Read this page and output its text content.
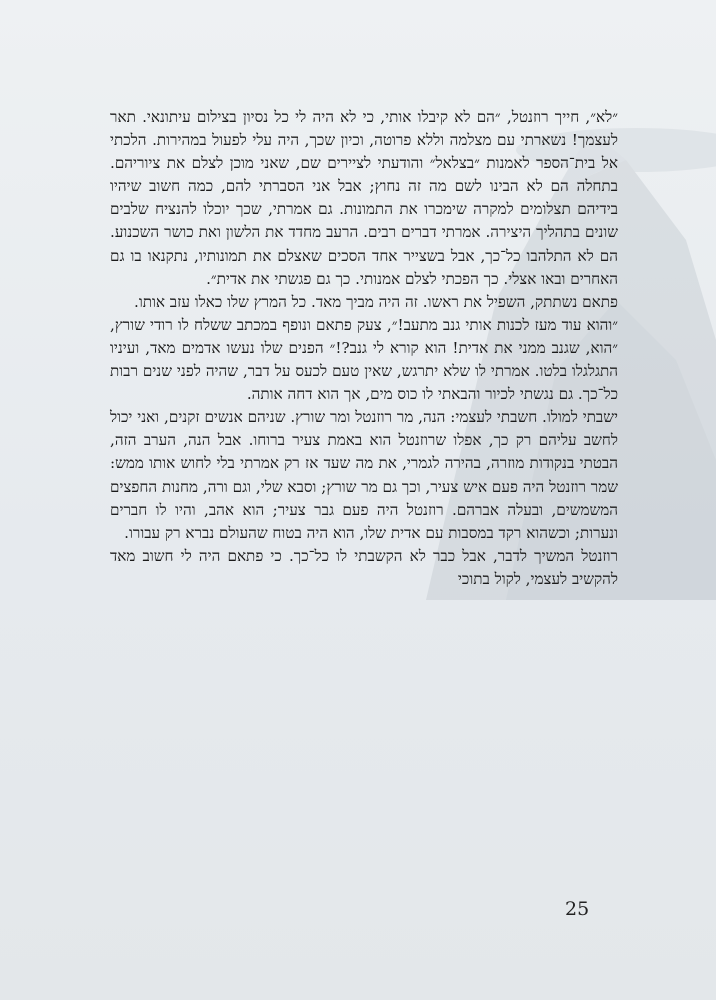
״לא״, חייך רוזנטל, ״הם לא קיבלו אותי, כי לא היה לי כל נסיון בצילום עיתונאי. תאר לעצמך! נשארתי עם מצלמה וללא פרוטה, וכיון שכך, היה עלי לפעול במהירות. הלכתי אל בית־הספר לאמנות ״בצלאל״ והודעתי לציירים שם, שאני מוכן לצלם את ציוריהם. בתחלה הם לא הבינו לשם מה זה נחוץ; אבל אני הסברתי להם, כמה חשוב שיהיו בידיהם תצלומים למקרה שימכרו את התמונות. גם אמרתי, שכך יוכלו להנציח שלבים שונים בתהליך היצירה. אמרתי דברים רבים. הרעב מחדד את הלשון ואת כושר השכנוע. הם לא התלהבו כל־כך, אבל בשצייר אחד הסכים שאצלם את תמונותיו, נתקנאו בו גם האחרים ובאו אצלי. כך הפכתי לצלם אמנותי. כך גם פגשתי את אדית״.

פתאם נשתתק, השפיל את ראשו. זה היה מביך מאד. כל המרץ שלו כאלו עזב אותו.

״והוא עוד מעז לכנות אותי גנב מתעב!״, צעק פתאם ונופף במכתב ששלח לו רודי שורץ, ״הוא, שגנב ממני את אדית! הוא קורא לי גנב?!״ הפנים שלו נעשו אדמים מאד, ועיניו התגלגלו בלטו. אמרתי לו שלא יתרגש, שאין טעם לכעס על דבר, שהיה לפני שנים רבות כל־כך. גם נגשתי לכיור והבאתי לו כוס מים, אך הוא דחה אותה.

ישבתי למולו. חשבתי לעצמי: הנה, מר רוזנטל ומר שורץ. שניהם אנשים זקנים, ואני יכול לחשב עליהם רק כך, אפלו שרוזנטל הוא באמת צעיר ברוחו. אבל הנה, הערב הזה, הבטתי בנקודות מוזרה, בהירה לגמרי, את מה שעד אז רק אמרתי בלי לחוש אותו ממש: שמר רוזנטל היה פעם איש צעיר, וכך גם מר שורץ; וסבא שלי, וגם ורה, מחנות החפצים המשמשים, ובעלה אברהם. רוזנטל היה פעם גבר צעיר; הוא אהב, והיו לו חברים ונערות; וכשהוא רקד במסבות עם אדית שלו, הוא היה בטוח שהעולם נברא רק עבורו.

רוזנטל המשיך לדבר, אבל כבר לא הקשבתי לו כל־כך. כי פתאם היה לי חשוב מאד להקשיב לעצמי, לקול בתוכי

25
